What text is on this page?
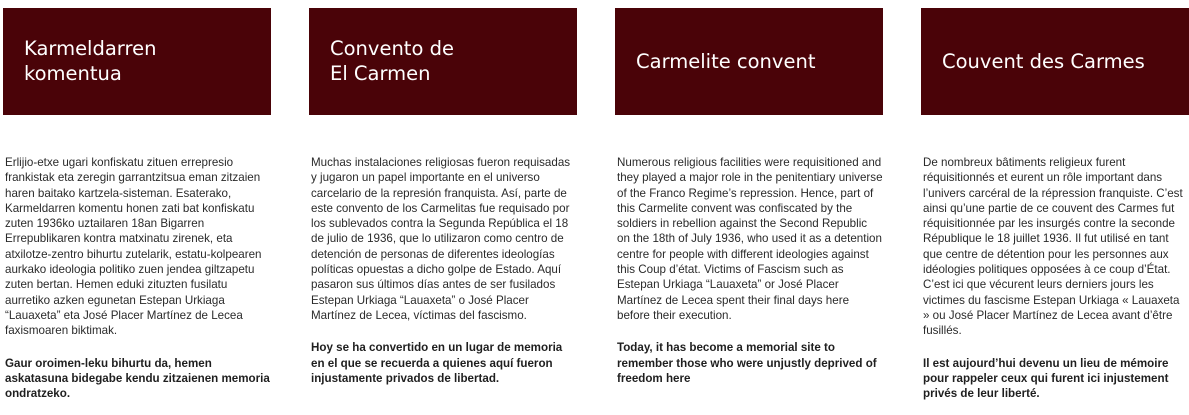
Karmeldarren
komentua

Erlijio-etxe ugari konfiskatu zituen errepresio frankistak eta zeregin garrantzitsua eman zitzaien haren baitako kartzela-sisteman. Esaterako, Karmeldarren komentu honen zati bat konfiskatu zuten 1936ko uztailaren 18an Bigarren Errepublikaren kontra matxinatu zirenek, eta atxilotze-zentro bihurtu zutelarik, estatu-kolpearen aurkako ideologia politiko zuen jendea giltzapetu zuten bertan. Hemen eduki zituzten fusilatu aurretiko azken egunetan Estepan Urkiaga “Lauaxeta” eta José Placer Martínez de Lecea faxismoaren biktimak.

Gaur oroimen-leku bihurtu da, hemen askatasuna bidegabe kendu zitzaienen memoria ondratzeko.

Convento de
El Carmen

Muchas instalaciones religiosas fueron requisadas y jugaron un papel importante en el universo carcelario de la represión franquista. Así, parte de este convento de los Carmelitas fue requisado por los sublevados contra la Segunda República el 18 de julio de 1936, que lo utilizaron como centro de detención de personas de diferentes ideologías políticas opuestas a dicho golpe de Estado. Aquí pasaron sus últimos días antes de ser fusilados Estepan Urkiaga “Lauaxeta” o José Placer Martínez de Lecea, víctimas del fascismo.

Hoy se ha convertido en un lugar de memoria en el que se recuerda a quienes aquí fueron injustamente privados de libertad.

Carmelite convent

Numerous religious facilities were requisitioned and they played a major role in the penitentiary universe of the Franco Regime’s repression. Hence, part of this Carmelite convent was confiscated by the soldiers in rebellion against the Second Republic on the 18th of July 1936, who used it as a detention centre for people with different ideologies against this Coup d’état. Victims of Fascism such as Estepan Urkiaga “Lauaxeta” or José Placer Martínez de Lecea spent their final days here before their execution.

Today, it has become a memorial site to remember those who were unjustly deprived of freedom here

Couvent des Carmes

De nombreux bâtiments religieux furent réquisitionnés et eurent un rôle important dans l’univers carcéral de la répression franquiste. C’est ainsi qu’une partie de ce couvent des Carmes fut réquisitionnée par les insurgés contre la seconde République le 18 juillet 1936. Il fut utilisé en tant que centre de détention pour les personnes aux idéologies politiques opposées à ce coup d’État. C’est ici que vécurent leurs derniers jours les victimes du fascisme Estepan Urkiaga « Lauaxeta » ou José Placer Martínez de Lecea avant d’être fusillés.

Il est aujourd’hui devenu un lieu de mémoire pour rappeler ceux qui furent ici injustement privés de leur liberté.
